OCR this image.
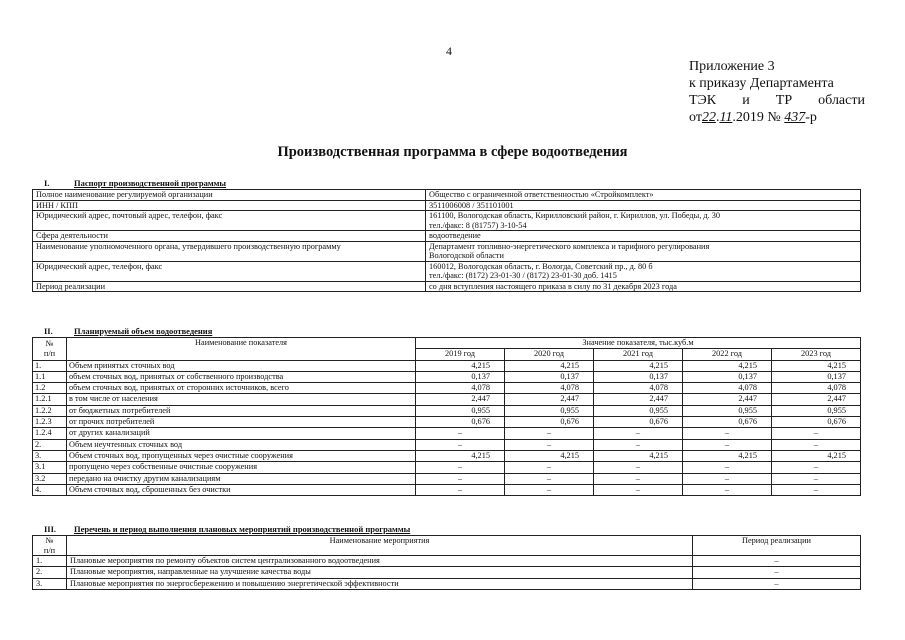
4
Приложение 3
к приказу Департамента
ТЭК и ТР области
от22.11.2019 № 437-р
Производственная программа в сфере водоотведения
I.	Паспорт производственной программы
Полное наименование регулируемой организации	Общество с ограниченной ответственностью «Стройкомплект»

ИНН / КПП	3511006008 / 351101001

Юридический адрес, почтовый адрес, телефон, факс	161100, Вологодская область, Кирилловский район, г. Кириллов, ул. Победы, д. 30
тел./факс: 8 (81757) 3-10-54

Сфера деятельности	водоотведение

Наименование уполномоченного органа, утвердившего производственную программу	Департамент топливно-энергетического комплекса и тарифного регулирования
Вологодской области

Юридический адрес, телефон, факс	160012, Вологодская область, г. Вологда, Советский пр., д. 80 б
тел./факс: (8172) 23-01-30 / (8172) 23-01-30 доб. 1415

Период реализации	со дня вступления настоящего приказа в силу по 31 декабря 2023 года
II.	Планируемый объем водоотведения
№
п/п	Наименование показателя	Значение показателя, тыс.куб.м				
		2019 год	2020 год	2021 год	2022 год	2023 год
1.	Объем принятых сточных вод	4,215	4,215	4,215	4,215	4,215
1.1	объем сточных вод, принятых от собственного производства	0,137	0,137	0,137	0,137	0,137
1.2	объем сточных вод, принятых от сторонних источников, всего	4,078	4,078	4,078	4,078	4,078
1.2.1	в том числе от населения	2,447	2,447	2,447	2,447	2,447
1.2.2	от бюджетных потребителей	0,955	0,955	0,955	0,955	0,955
1.2.3	от прочих потребителей	0,676	0,676	0,676	0,676	0,676
1.2.4	от других канализаций	–	–	–	–	–
2.	Объем неучтенных сточных вод	–	–	–	–	–
3.	Объем сточных вод, пропущенных через очистные сооружения	4,215	4,215	4,215	4,215	4,215
3.1	пропущено через собственные очистные сооружения	–	–	–	–	–
3.2	передано на очистку другим канализациям	–	–	–	–	–
4.	Объем сточных вод, сброшенных без очистки	–	–	–	–	–
III. Перечень и период выполнения плановых мероприятий производственной программы
№
п/п	Наименование мероприятия	Период реализации
1.	Плановые мероприятия по ремонту объектов систем централизованного водоотведения	–
2.	Плановые мероприятия, направленные на улучшение качества воды	–
3.	Плановые мероприятия по энергосбережению и повышению энергетической эффективности	–
